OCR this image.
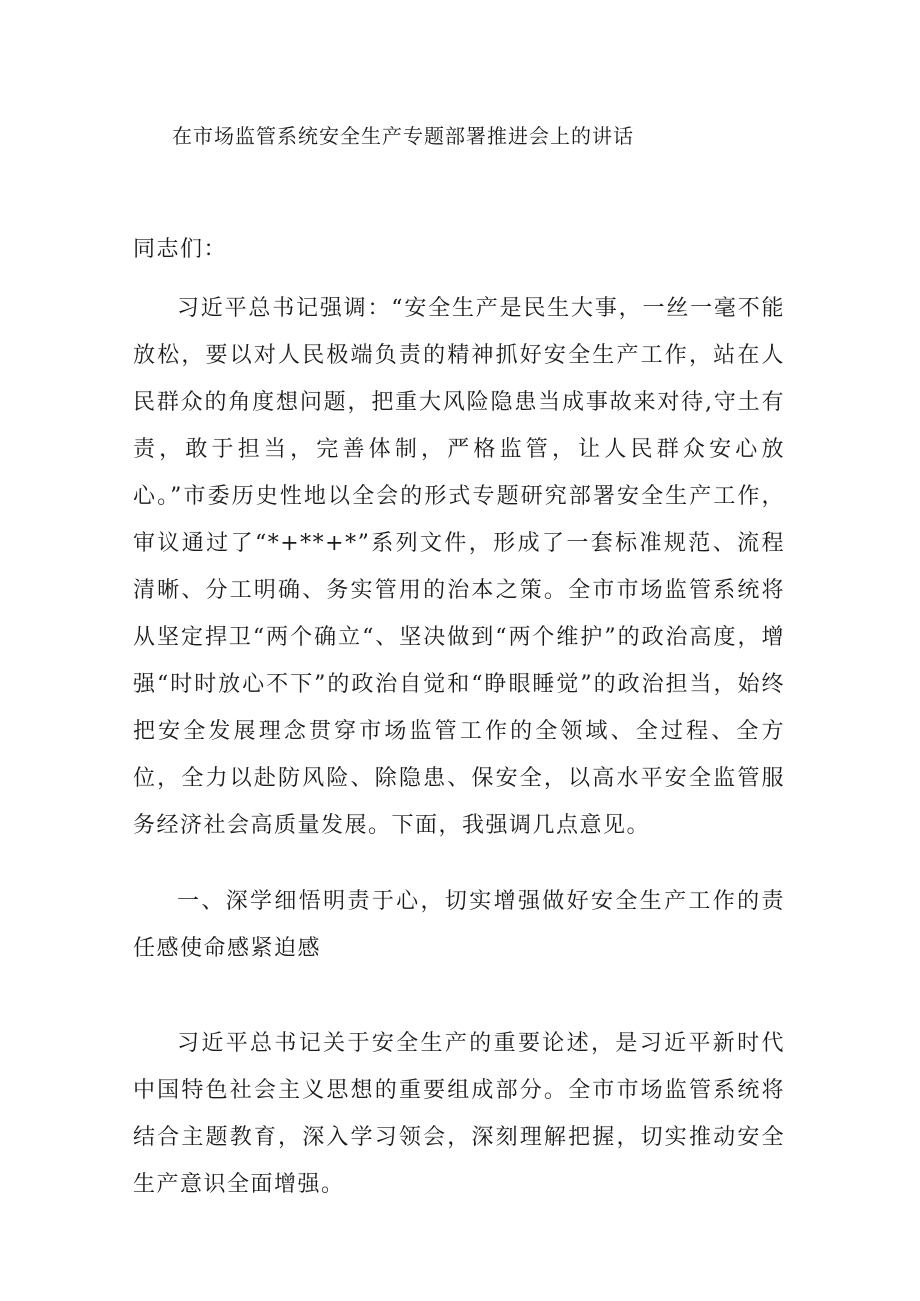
在市场监管系统安全生产专题部署推进会上的讲话
同志们：

习近平总书记强调：“安全生产是民生大事，一丝一毫不能放松，要以对人民极端负责的精神抓好安全生产工作，站在人民群众的角度想问题，把重大风险隐患当成事故来对待,守土有责，敢于担当，完善体制，严格监管，让人民群众安心放心。”市委历史性地以全会的形式专题研究部署安全生产工作，审议通过了“*+**+*”系列文件，形成了一套标准规范、流程清晰、分工明确、务实管用的治本之策。全市市场监管系统将从坚定捍卫“两个确立“、坚决做到“两个维护”的政治高度，增强“时时放心不下”的政治自觉和“睁眼睡觉”的政治担当，始终把安全发展理念贯穿市场监管工作的全领域、全过程、全方位，全力以赴防风险、除隐患、保安全，以高水平安全监管服务经济社会高质量发展。下面，我强调几点意见。

一、深学细悟明责于心，切实增强做好安全生产工作的责任感使命感紧迫感

习近平总书记关于安全生产的重要论述，是习近平新时代中国特色社会主义思想的重要组成部分。全市市场监管系统将结合主题教育，深入学习领会，深刻理解把握，切实推动安全生产意识全面增强。
